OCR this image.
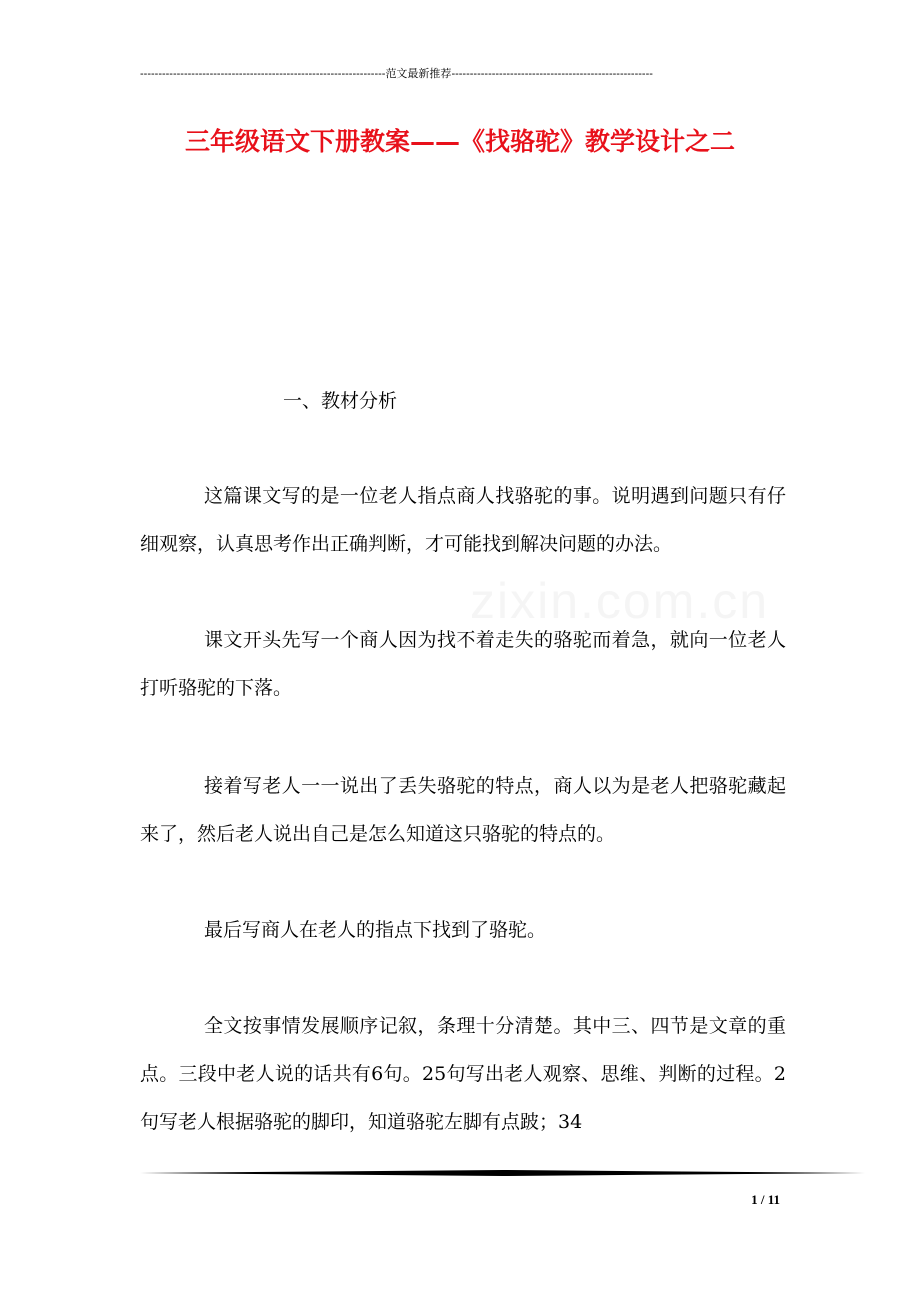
-------------------------------------------------------------------范文最新推荐-------------------------------------------------------
三年级语文下册教案——《找骆驼》教学设计之二
一、教材分析
zixin.com.cn

这篇课文写的是一位老人指点商人找骆驼的事。说明遇到问题只有仔细观察，认真思考作出正确判断，才可能找到解决问题的办法。

课文开头先写一个商人因为找不着走失的骆驼而着急，就向一位老人打听骆驼的下落。

接着写老人一一说出了丢失骆驼的特点，商人以为是老人把骆驼藏起来了，然后老人说出自己是怎么知道这只骆驼的特点的。

最后写商人在老人的指点下找到了骆驼。

全文按事情发展顺序记叙，条理十分清楚。其中三、四节是文章的重点。三段中老人说的话共有6句。25句写出老人观察、思维、判断的过程。2句写老人根据骆驼的脚印，知道骆驼左脚有点跛；34

1 / 11
